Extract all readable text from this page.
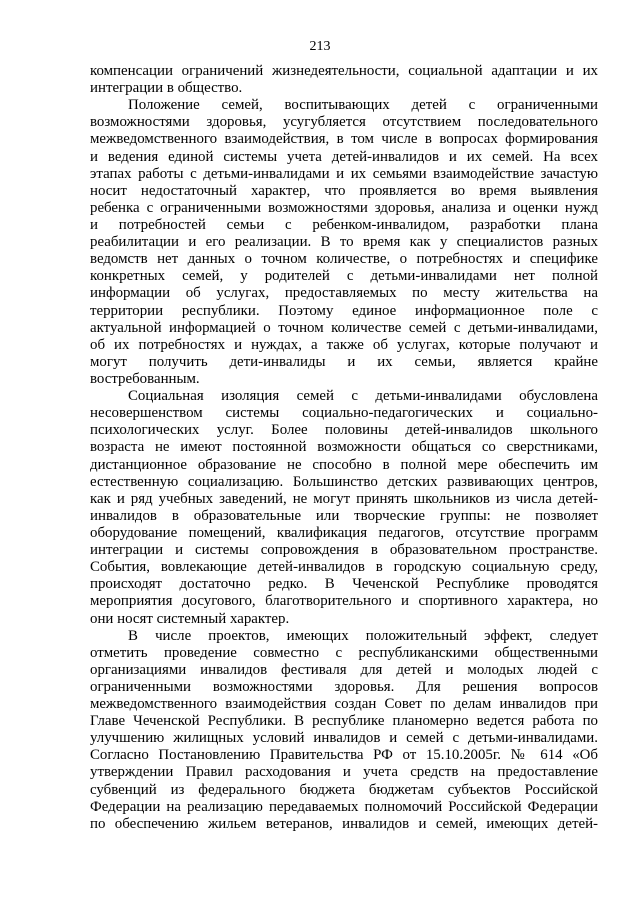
213
компенсации ограничений жизнедеятельности, социальной адаптации и их
интеграции в общество.
Положение семей, воспитывающих детей с ограниченными
возможностями здоровья, усугубляется отсутствием последовательного
межведомственного взаимодействия, в том числе в вопросах формирования
и ведения единой системы учета детей-инвалидов и их семей. На всех
этапах работы с детьми-инвалидами и их семьями взаимодействие зачастую
носит недостаточный характер, что проявляется во время выявления
ребенка с ограниченными возможностями здоровья, анализа и оценки нужд
и потребностей семьи с ребенком-инвалидом, разработки плана
реабилитации и его реализации. В то время как у специалистов разных
ведомств нет данных о точном количестве, о потребностях и специфике
конкретных семей, у родителей с детьми-инвалидами нет полной
информации об услугах, предоставляемых по месту жительства на
территории республики. Поэтому единое информационное поле с
актуальной информацией о точном количестве семей с детьми-инвалидами,
об их потребностях и нуждах, а также об услугах, которые получают и
могут получить дети-инвалиды и их семьи, является крайне
востребованным.
Социальная изоляция семей с детьми-инвалидами обусловлена
несовершенством системы социально-педагогических и социально-
психологических услуг. Более половины детей-инвалидов школьного
возраста не имеют постоянной возможности общаться со сверстниками,
дистанционное образование не способно в полной мере обеспечить им
естественную социализацию. Большинство детских развивающих центров,
как и ряд учебных заведений, не могут принять школьников из числа детей-
инвалидов в образовательные или творческие группы: не позволяет
оборудование помещений, квалификация педагогов, отсутствие программ
интеграции и системы сопровождения в образовательном пространстве.
События, вовлекающие детей-инвалидов в городскую социальную среду,
происходят достаточно редко. В Чеченской Республике проводятся
мероприятия досугового, благотворительного и спортивного характера, но
они носят системный характер.
В числе проектов, имеющих положительный эффект, следует
отметить проведение совместно с республиканскими общественными
организациями инвалидов фестиваля для детей и молодых людей с
ограниченными возможностями здоровья. Для решения вопросов
межведомственного взаимодействия создан Совет по делам инвалидов при
Главе Чеченской Республики. В республике планомерно ведется работа по
улучшению жилищных условий инвалидов и семей с детьми-инвалидами.
Согласно Постановлению Правительства РФ от 15.10.2005г. № 614 «Об
утверждении Правил расходования и учета средств на предоставление
субвенций из федерального бюджета бюджетам субъектов Российской
Федерации на реализацию передаваемых полномочий Российской Федерации
по обеспечению жильем ветеранов, инвалидов и семей, имеющих детей-
